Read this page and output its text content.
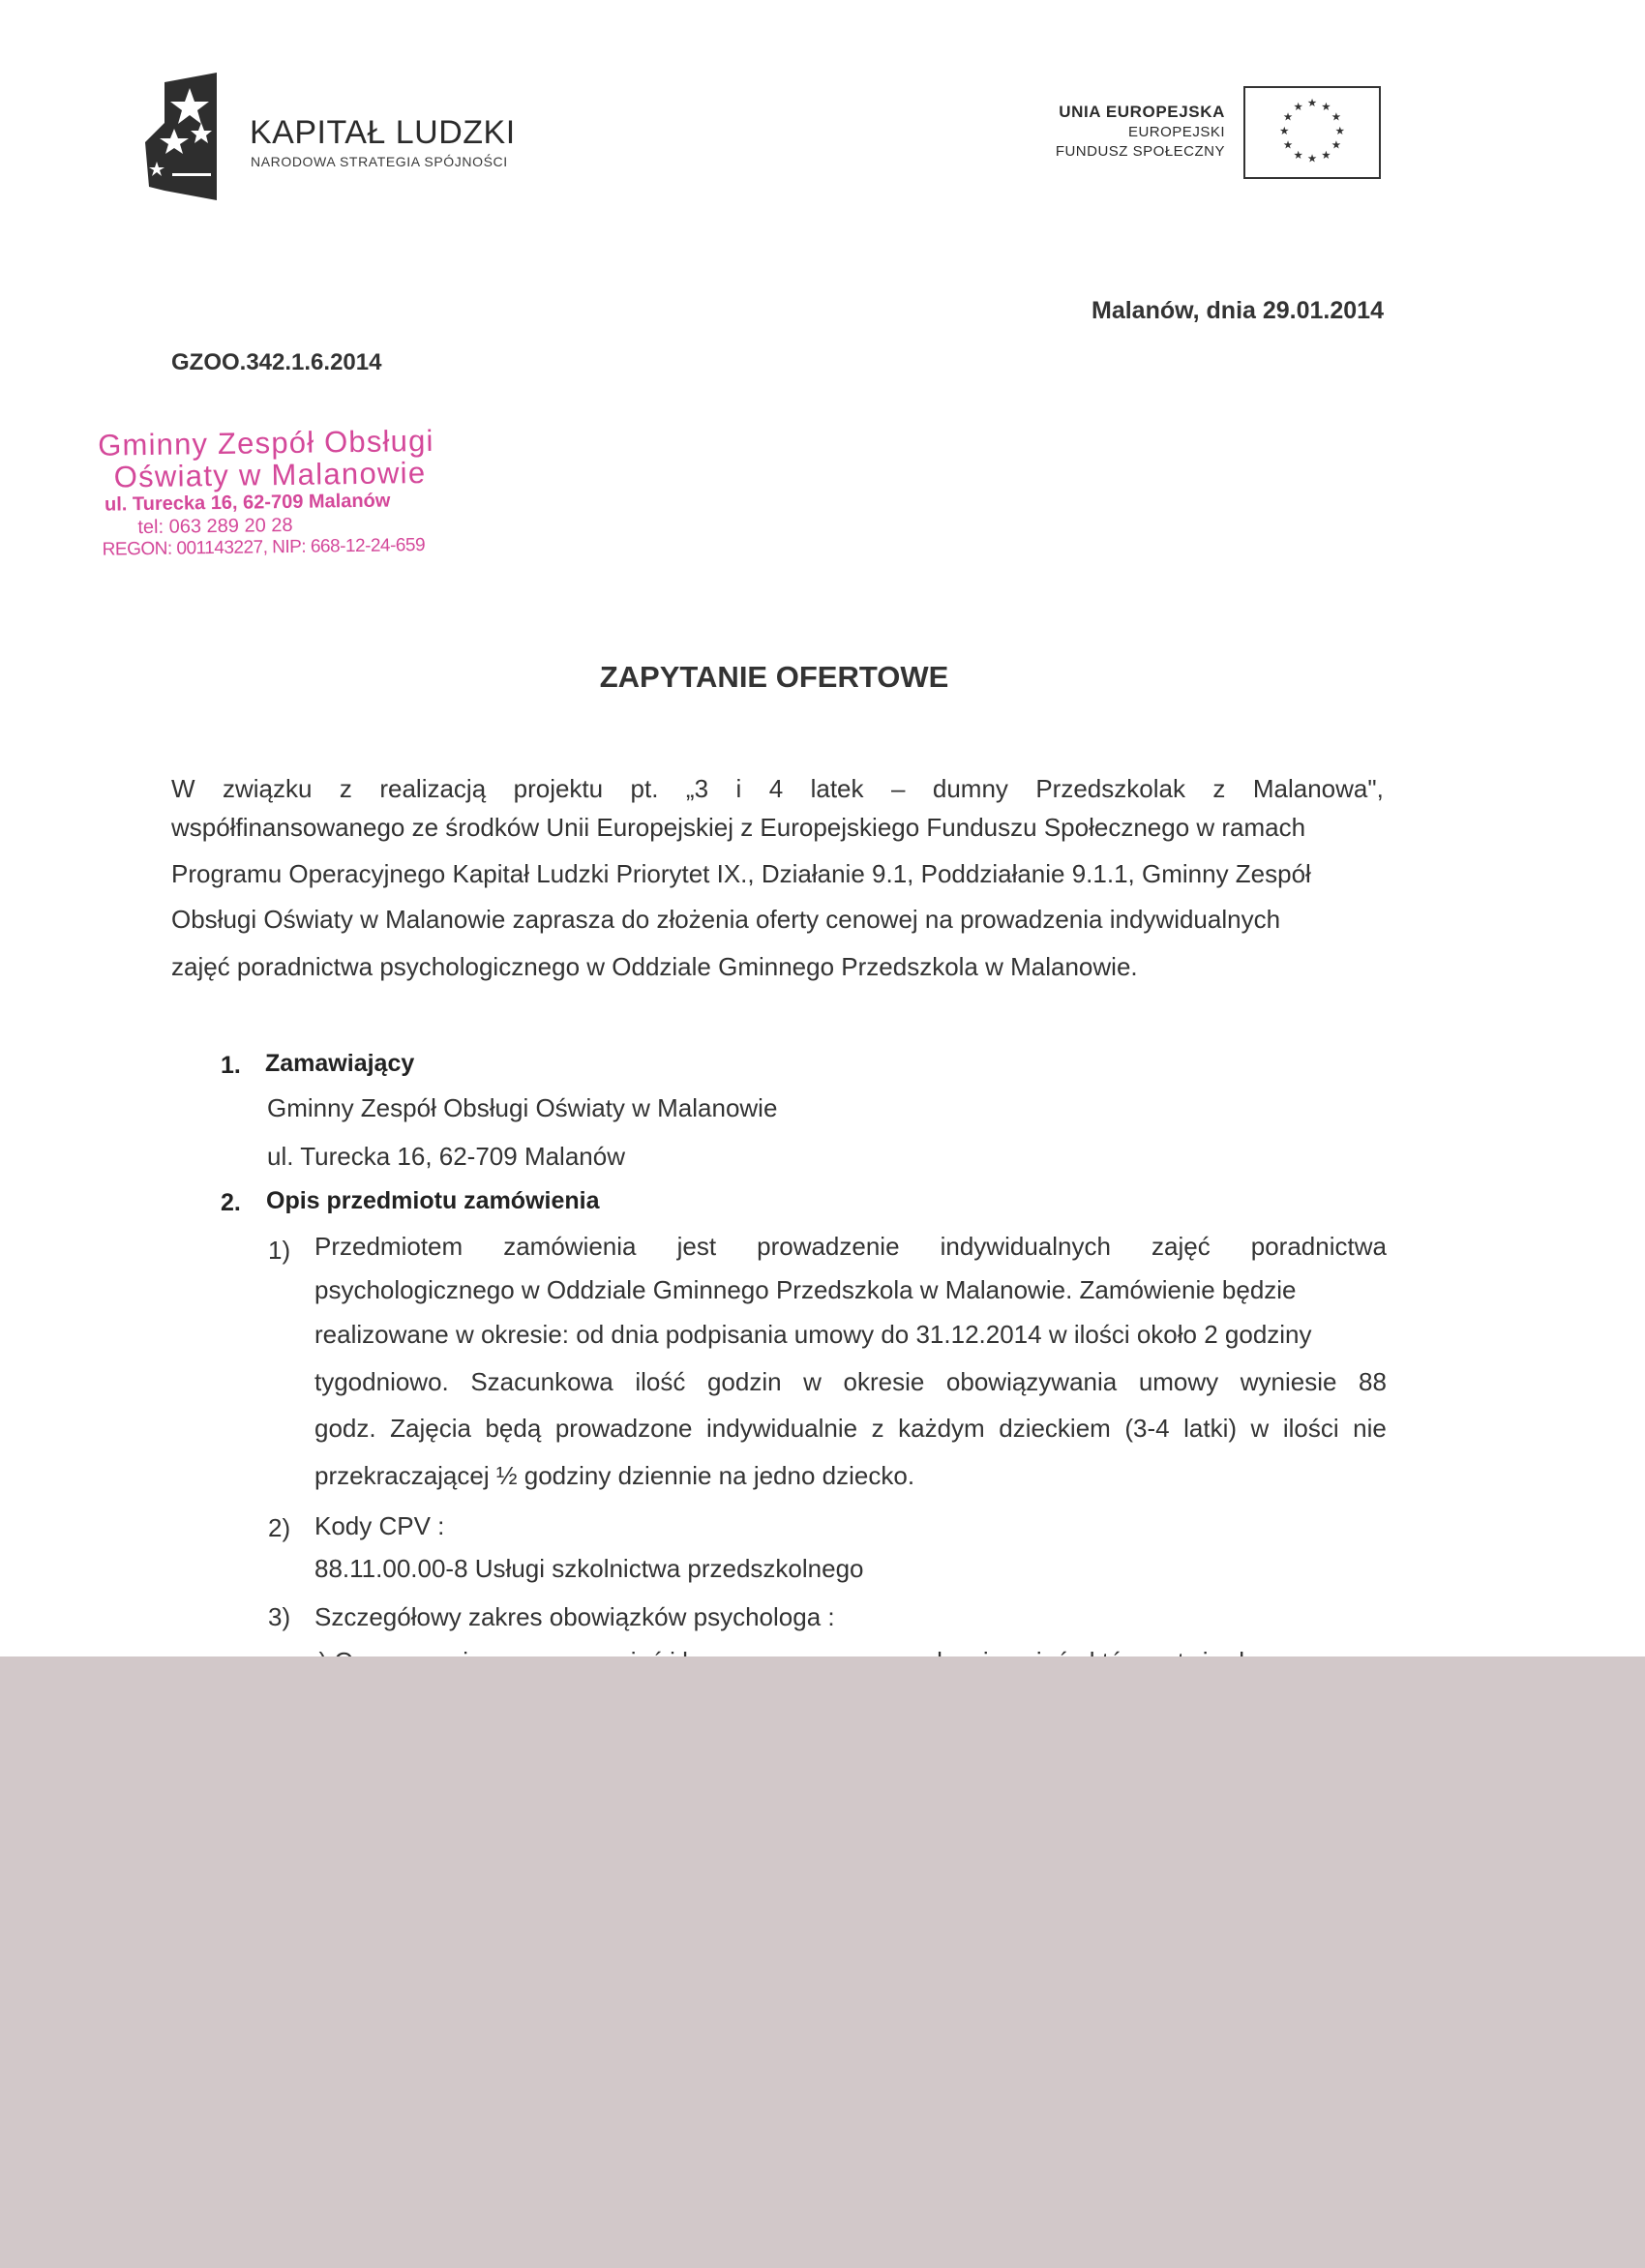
KAPITAŁ LUDZKI
NARODOWA STRATEGIA SPÓJNOŚCI
UNIA EUROPEJSKA
EUROPEJSKI
FUNDUSZ SPOŁECZNY
★ ★
★
★
★
★
★
★
★
★
★
★
Malanów, dnia 29.01.2014
GZOO.342.1.6.2014
Gminny Zespół Obsługi
Oświaty w Malanowie
ul. Turecka 16, 62-709 Malanów
tel: 063 289 20 28
REGON: 001143227, NIP: 668-12-24-659
ZAPYTANIE OFERTOWE
W związku z realizacją projektu pt. „3 i 4 latek – dumny Przedszkolak z Malanowa",
współfinansowanego ze środków Unii Europejskiej z Europejskiego Funduszu Społecznego w ramach
Programu Operacyjnego Kapitał Ludzki Priorytet IX., Działanie 9.1, Poddziałanie 9.1.1, Gminny Zespół
Obsługi Oświaty w Malanowie zaprasza do złożenia oferty cenowej na prowadzenia indywidualnych
zajęć poradnictwa psychologicznego w Oddziale Gminnego Przedszkola w Malanowie.
1. Zamawiający
Gminny Zespół Obsługi Oświaty w Malanowie
ul. Turecka 16, 62-709 Malanów
2. Opis przedmiotu zamówienia
1) Przedmiotem zamówienia jest prowadzenie indywidualnych zajęć poradnictwa
psychologicznego w Oddziale Gminnego Przedszkola w Malanowie. Zamówienie będzie
realizowane w okresie: od dnia podpisania umowy do 31.12.2014 w ilości około 2 godziny
tygodniowo. Szacunkowa ilość godzin w okresie obowiązywania umowy wyniesie 88
godz. Zajęcia będą prowadzone indywidualnie z każdym dzieckiem (3-4 latki) w ilości nie
przekraczającej ½ godziny dziennie na jedno dziecko.
2) Kody CPV :
88.11.00.00-8 Usługi szkolnictwa przedszkolnego
3) Szczegółowy zakres obowiązków psychologa :
